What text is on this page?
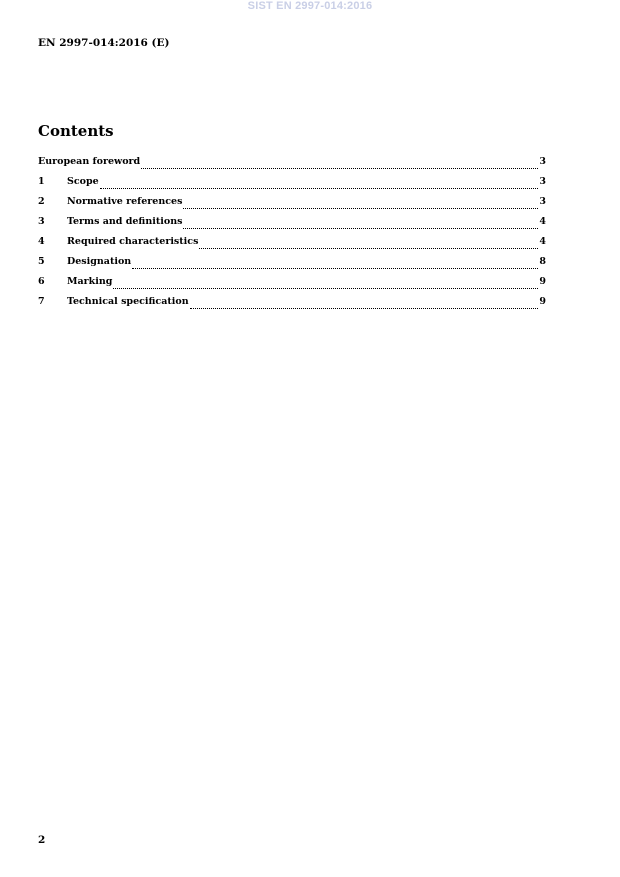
SIST EN 2997-014:2016
EN 2997-014:2016 (E)
Contents
European foreword	3
1	Scope	3
2	Normative references	3
3	Terms and definitions	4
4	Required characteristics	4
5	Designation	8
6	Marking	9
7	Technical specification	9
2
